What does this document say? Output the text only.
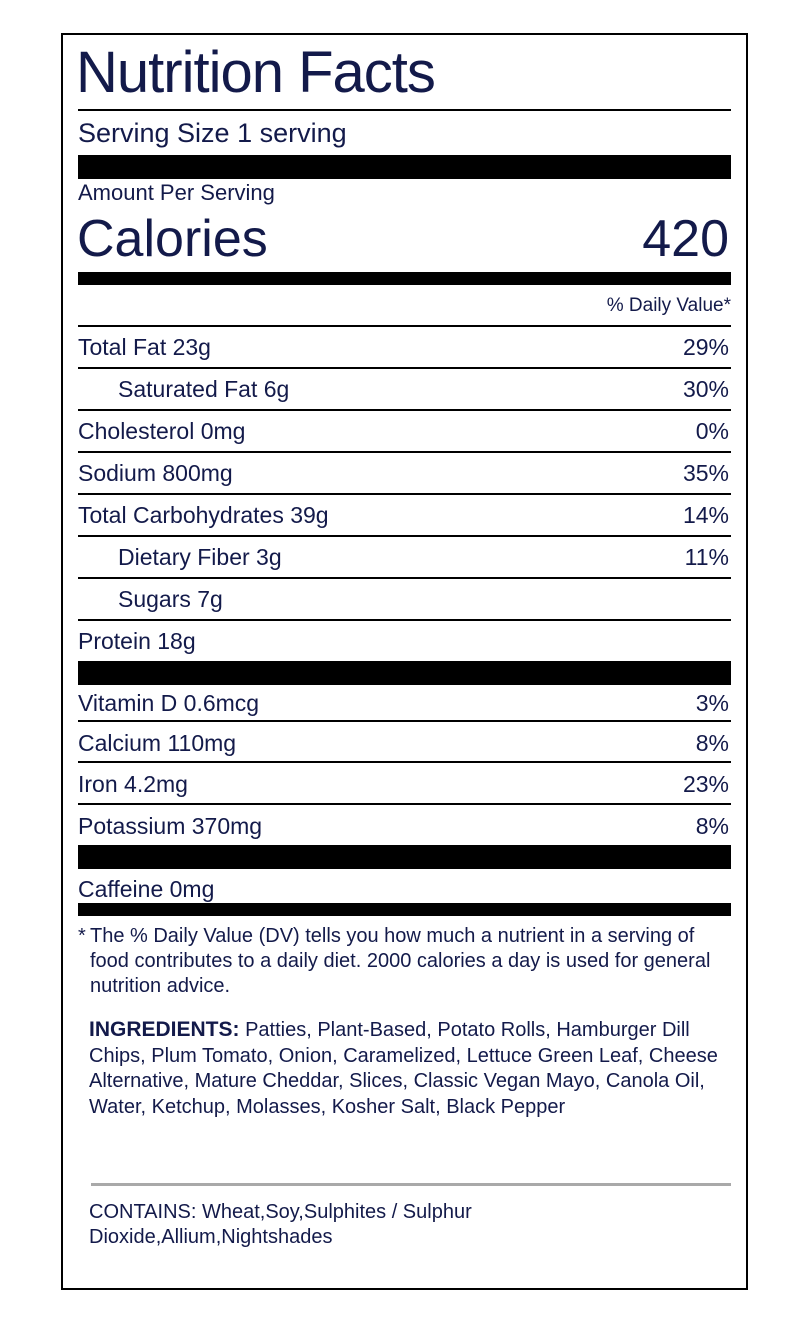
Nutrition Facts
Serving Size 1 serving
Amount Per Serving
Calories	420
% Daily Value*
Total Fat 23g	29%
Saturated Fat 6g	30%
Cholesterol 0mg	0%
Sodium 800mg	35%
Total Carbohydrates 39g	14%
Dietary Fiber 3g	11%
Sugars 7g
Protein 18g
Vitamin D 0.6mcg	3%
Calcium 110mg	8%
Iron 4.2mg	23%
Potassium 370mg	8%
Caffeine 0mg
* The % Daily Value (DV) tells you how much a nutrient in a serving of food contributes to a daily diet. 2000 calories a day is used for general nutrition advice.
INGREDIENTS: Patties, Plant-Based, Potato Rolls, Hamburger Dill Chips, Plum Tomato, Onion, Caramelized, Lettuce Green Leaf, Cheese Alternative, Mature Cheddar, Slices, Classic Vegan Mayo, Canola Oil, Water, Ketchup, Molasses, Kosher Salt, Black Pepper
CONTAINS: Wheat,Soy,Sulphites / Sulphur Dioxide,Allium,Nightshades
